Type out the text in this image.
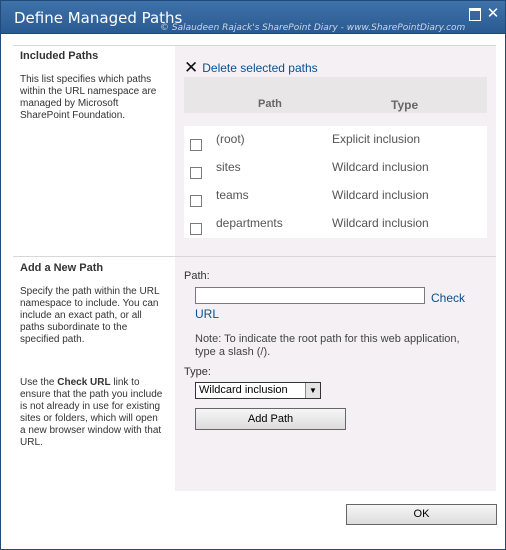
Define Managed Paths
© Salaudeen Rajack's SharePoint Diary - www.SharePointDiary.com
✕
Included Paths
This list specifies which paths within the URL namespace are managed by Microsoft SharePoint Foundation.
✕ Delete selected paths
Path	Type
(root)	Explicit inclusion
sites	Wildcard inclusion
teams	Wildcard inclusion
departments	Wildcard inclusion
Add a New Path
Specify the path within the URL namespace to include. You can include an exact path, or all paths subordinate to the specified path.
Use the Check URL link to ensure that the path you include is not already in use for existing sites or folders, which will open a new browser window with that URL.
Path:
Check
URL
Note: To indicate the root path for this web application, type a slash (/).
Type:
Wildcard inclusion	▼
Add Path
OK
